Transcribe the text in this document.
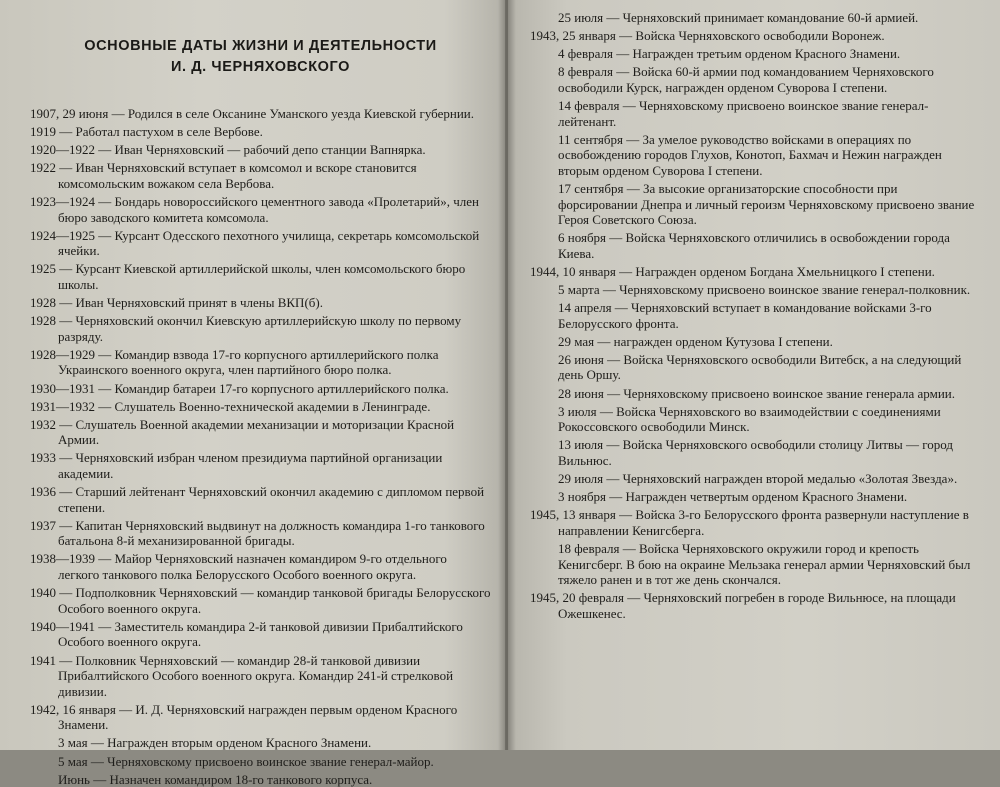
ОСНОВНЫЕ ДАТЫ ЖИЗНИ И ДЕЯТЕЛЬНОСТИ
И. Д. ЧЕРНЯХОВСКОГО
1907, 29 июня — Родился в селе Оксанине Уманского уезда Киевской губернии.
1919 — Работал пастухом в селе Вербове.
1920—1922 — Иван Черняховский — рабочий депо станции Вапнярка.
1922 — Иван Черняховский вступает в комсомол и вскоре становится комсомольским вожаком села Вербова.
1923—1924 — Бондарь новороссийского цементного завода «Пролетарий», член бюро заводского комитета комсомола.
1924—1925 — Курсант Одесского пехотного училища, секретарь комсомольской ячейки.
1925 — Курсант Киевской артиллерийской школы, член комсомольского бюро школы.
1928 — Иван Черняховский принят в члены ВКП(б).
1928 — Черняховский окончил Киевскую артиллерийскую школу по первому разряду.
1928—1929 — Командир взвода 17-го корпусного артиллерийского полка Украинского военного округа, член партийного бюро полка.
1930—1931 — Командир батареи 17-го корпусного артиллерийского полка.
1931—1932 — Слушатель Военно-технической академии в Ленинграде.
1932 — Слушатель Военной академии механизации и моторизации Красной Армии.
1933 — Черняховский избран членом президиума партийной организации академии.
1936 — Старший лейтенант Черняховский окончил академию с дипломом первой степени.
1937 — Капитан Черняховский выдвинут на должность командира 1-го танкового батальона 8-й механизированной бригады.
1938—1939 — Майор Черняховский назначен командиром 9-го отдельного легкого танкового полка Белорусского Особого военного округа.
1940 — Подполковник Черняховский — командир танковой бригады Белорусского Особого военного округа.
1940—1941 — Заместитель командира 2-й танковой дивизии Прибалтийского Особого военного округа.
1941 — Полковник Черняховский — командир 28-й танковой дивизии Прибалтийского Особого военного округа. Командир 241-й стрелковой дивизии.
1942, 16 января — И. Д. Черняховский награжден первым орденом Красного Знамени.
3 мая — Награжден вторым орденом Красного Знамени.
5 мая — Черняховскому присвоено воинское звание генерал-майор.
Июнь — Назначен командиром 18-го танкового корпуса.
25 июля — Черняховский принимает командование 60-й армией.
1943, 25 января — Войска Черняховского освободили Воронеж.
4 февраля — Награжден третьим орденом Красного Знамени.
8 февраля — Войска 60-й армии под командованием Черняховского освободили Курск, награжден орденом Суворова I степени.
14 февраля — Черняховскому присвоено воинское звание генерал-лейтенант.
11 сентября — За умелое руководство войсками в операциях по освобождению городов Глухов, Конотоп, Бахмач и Нежин награжден вторым орденом Суворова I степени.
17 сентября — За высокие организаторские способности при форсировании Днепра и личный героизм Черняховскому присвоено звание Героя Советского Союза.
6 ноября — Войска Черняховского отличились в освобождении города Киева.
1944, 10 января — Награжден орденом Богдана Хмельницкого I степени.
5 марта — Черняховскому присвоено воинское звание генерал-полковник.
14 апреля — Черняховский вступает в командование войсками 3-го Белорусского фронта.
29 мая — награжден орденом Кутузова I степени.
26 июня — Войска Черняховского освободили Витебск, а на следующий день Оршу.
28 июня — Черняховскому присвоено воинское звание генерала армии.
3 июля — Войска Черняховского во взаимодействии с соединениями Рокоссовского освободили Минск.
13 июля — Войска Черняховского освободили столицу Литвы — город Вильнюс.
29 июля — Черняховский награжден второй медалью «Золотая Звезда».
3 ноября — Награжден четвертым орденом Красного Знамени.
1945, 13 января — Войска 3-го Белорусского фронта развернули наступление в направлении Кенигсберга.
18 февраля — Войска Черняховского окружили город и крепость Кенигсберг. В бою на окраине Мельзака генерал армии Черняховский был тяжело ранен и в тот же день скончался.
1945, 20 февраля — Черняховский погребен в городе Вильнюсе, на площади Ожешкенес.
